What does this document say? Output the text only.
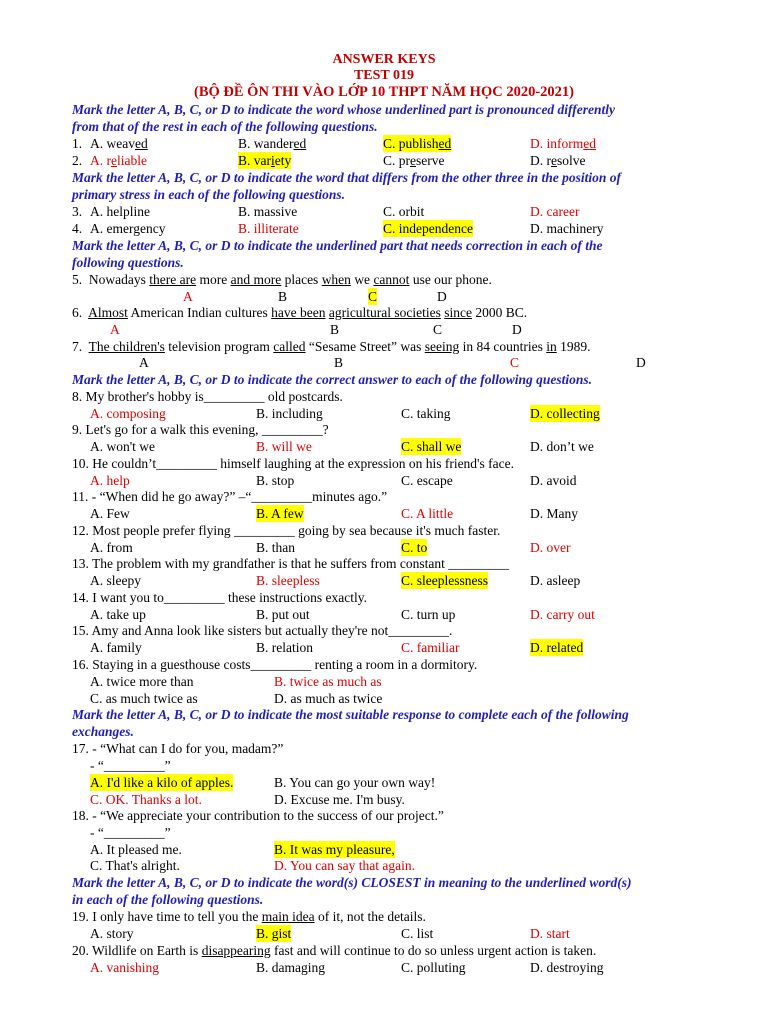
ANSWER KEYS
TEST 019
(BỘ ĐỀ ÔN THI VÀO LỚP 10 THPT NĂM HỌC 2020-2021)
Mark the letter A, B, C, or D to indicate the word whose underlined part is pronounced differently
from that of the rest in each of the following questions.
1. A. weaved	B. wandered	C. published	D. informed
2. A. reliable	B. variety	C. preserve	D. resolve
Mark the letter A, B, C, or D to indicate the word that differs from the other three in the position of
primary stress in each of the following questions.
3. A. helpline	B. massive	C. orbit	D. career
4. A. emergency	B. illiterate	C. independence	D. machinery
Mark the letter A, B, C, or D to indicate the underlined part that needs correction in each of the
following questions.
5. Nowadays there are more and more places when we cannot use our phone.
A	B	C	D
6. Almost American Indian cultures have been agricultural societies since 2000 BC.
A	B	C	D
7. The children's television program called “Sesame Street” was seeing in 84 countries in 1989.
A	B	C	D
Mark the letter A, B, C, or D to indicate the correct answer to each of the following questions.
8. My brother's hobby is_________ old postcards.
A. composing	B. including	C. taking	D. collecting
9. Let's go for a walk this evening, _________?
A. won't we	B. will we	C. shall we	D. don’t we
10. He couldn’t_________ himself laughing at the expression on his friend's face.
A. help	B. stop	C. escape	D. avoid
11. - “When did he go away?” –“_________minutes ago.”
A. Few	B. A few	C. A little	D. Many
12. Most people prefer flying _________ going by sea because it's much faster.
A. from	B. than	C. to	D. over
13. The problem with my grandfather is that he suffers from constant _________
A. sleepy	B. sleepless	C. sleeplessness	D. asleep
14. I want you to_________ these instructions exactly.
A. take up	B. put out	C. turn up	D. carry out
15. Amy and Anna look like sisters but actually they're not_________.
A. family	B. relation	C. familiar	D. related
16. Staying in a guesthouse costs_________ renting a room in a dormitory.
A. twice more than	B. twice as much as
C. as much twice as	D. as much as twice
Mark the letter A, B, C, or D to indicate the most suitable response to complete each of the following
exchanges.
17. - “What can I do for you, madam?”
- “_________”
A. I'd like a kilo of apples.	B. You can go your own way!
C. OK. Thanks a lot.	D. Excuse me. I'm busy.
18. - “We appreciate your contribution to the success of our project.”
- “_________”
A. It pleased me.	B. It was my pleasure,
C. That's alright.	D. You can say that again.
Mark the letter A, B, C, or D to indicate the word(s) CLOSEST in meaning to the underlined word(s)
in each of the following questions.
19. I only have time to tell you the main idea of it, not the details.
A. story	B. gist	C. list	D. start
20. Wildlife on Earth is disappearing fast and will continue to do so unless urgent action is taken.
A. vanishing	B. damaging	C. polluting	D. destroying
